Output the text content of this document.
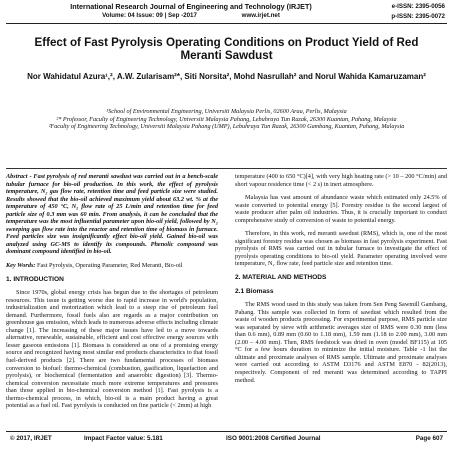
International Research Journal of Engineering and Technology (IRJET)
Volume: 04 Issue: 09 | Sep -2017	www.irjet.net
e-ISSN: 2395-0056
p-ISSN: 2395-0072
Effect of Fast Pyrolysis Operating Conditions on Product Yield of Red Meranti Sawdust
Nor Wahidatul Azura¹,², A.W. Zularisam²*, Siti Norsita², Mohd Nasrullah² and Norul Wahida Kamaruzaman²
¹School of Environmental Engineering, Universiti Malaysia Perlis, 02600 Arau, Perlis, Malaysia
²* Professor, Faculty of Engineering Technology, Universiti Malaysia Pahang, Lebuhraya Tun Razak, 26300 Kuantan, Pahang, Malaysia
²Faculty of Engineering Technology, Universiti Malaysia Pahang (UMP), Lebuhraya Tun Razak, 26300 Gambang, Kuantan, Pahang, Malaysia

Abstract - Fast pyrolysis of red meranti sawdust was carried out in a bench-scale tubular furnace for bio-oil production. In this work, the effect of pyrolysis temperature, N₂ gas flow rate, retention time and feed particle size were studied. Results showed that the bio-oil achieved maximum yield about 63.2 wt. % at the temperature of 450 °C, N₂ flow rate of 25 L/min and retention time for feed particle size of 0.3 mm was 60 min. From analysis, it can be concluded that the temperature was the most influential parameter upon bio-oil yield, followed by N₂ sweeping gas flow rate into the reactor and retention time of biomass in furnace. Feed particles size was insignificantly effect bio-oil yield. Gained bio-oil was analyzed using GC-MS to identify its compounds. Phenolic compound was dominant compound identified in bio-oil.

Key Words: Fast Pyrolysis, Operating Parameter, Red Meranti, Bio-oil

1. INTRODUCTION

Since 1970s, global energy crisis has begun due to the shortages of petroleum resources. This issue is getting worse due to rapid increase in world's population, industrialization and motorization which lead to a steep rise of petroleum fuel demand. Furthermore, fossil fuels also are regards as a major contribution on greenhouse gas emission, which leads to numerous adverse effects including climate change [1]. The increasing of these major issues have led to a move towards alternative, renewable, sustainable, efficient and cost effective energy sources with lesser gaseous emissions [1]. Biomass is considered as one of a promising energy source and recognized having most similar end products characteristics to that fossil fuel-derived products [2]. There are two fundamental processes of biomass conversion to biofuel: thermo-chemical (combustion, gasification, liquefaction and pyrolysis), or biochemical (fermentation and anaerobic digestion) [3]. Thermo-chemical conversion necessitate much more extreme temperatures and pressures than those applied in bio-chemical conversion method [1]. Fast pyrolysis is a thermo-chemical process, in which, bio-oil is a main product having a great potential as a fuel oil. Fast pyrolysis is conducted on fine particle (< 2mm) at high

temperature (400 to 650 °C)[4], with very high heating rate (> 10 – 200 °C/min) and short vapour residence time (< 2 s) in inert atmosphere.

Malaysia has vast amount of abundance waste which estimated only 24.5% of waste converted to potential energy [5]. Forestry residue is the second largest of waste producer after palm oil industries. Thus, it is crucially important to conduct comprehensive study of conversion of waste to potential energy.

Therefore, in this work, red meranti sawdust (RMS), which is, one of the most significant forestry residue was chosen as biomass in fast pyrolysis experiment. Fast pyrolysis of RMS was carried out in tubular furnace to investigate the effect of pyrolysis operating conditions to bio-oil yield. Parameter operating involved were temperature, N₂ flow rate, feed particle size and retention time.

2. MATERIAL AND METHODS
2.1 Biomass

The RMS wood used in this study was taken from Sen Peng Sawmill Gambang, Pahang. This sample was collected in form of sawdust which resulted from the waste of wooden products processing. For experimental purpose, RMS particle size was separated by sieve with arithmetic averages size of RMS were 0.30 mm (less than 0.6 mm), 0.89 mm (0.60 to 1.18 mm), 1.59 mm (1.18 to 2.00 mm), 3.00 mm (2.00 – 4.00 mm). Then, RMS feedstock was dried in oven (model BF115) at 105 °C for a few hours duration to minimize the initial moisture. Table -1 list the ultimate and proximate analyses of RMS sample. Ultimate and proximate analyses were carried out according to ASTM D3176 and ASTM E870 - 82(2013), respectively. Component of red meranti was determined according to TAPPI method.

© 2017, IRJET	Impact Factor value: 5.181	ISO 9001:2008 Certified Journal	Page 607
